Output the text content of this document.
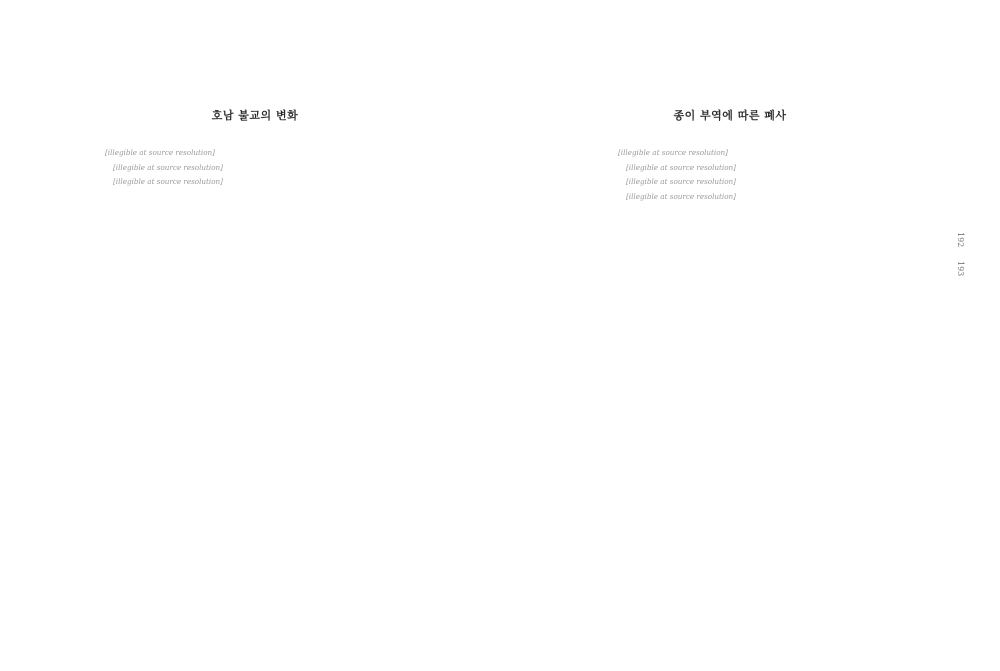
호남 불교의 변화

[illegible at source resolution]

[illegible at source resolution]

[illegible at source resolution]

종이 부역에 따른 폐사

[illegible at source resolution]

[illegible at source resolution]

[illegible at source resolution]

[illegible at source resolution]

192193
